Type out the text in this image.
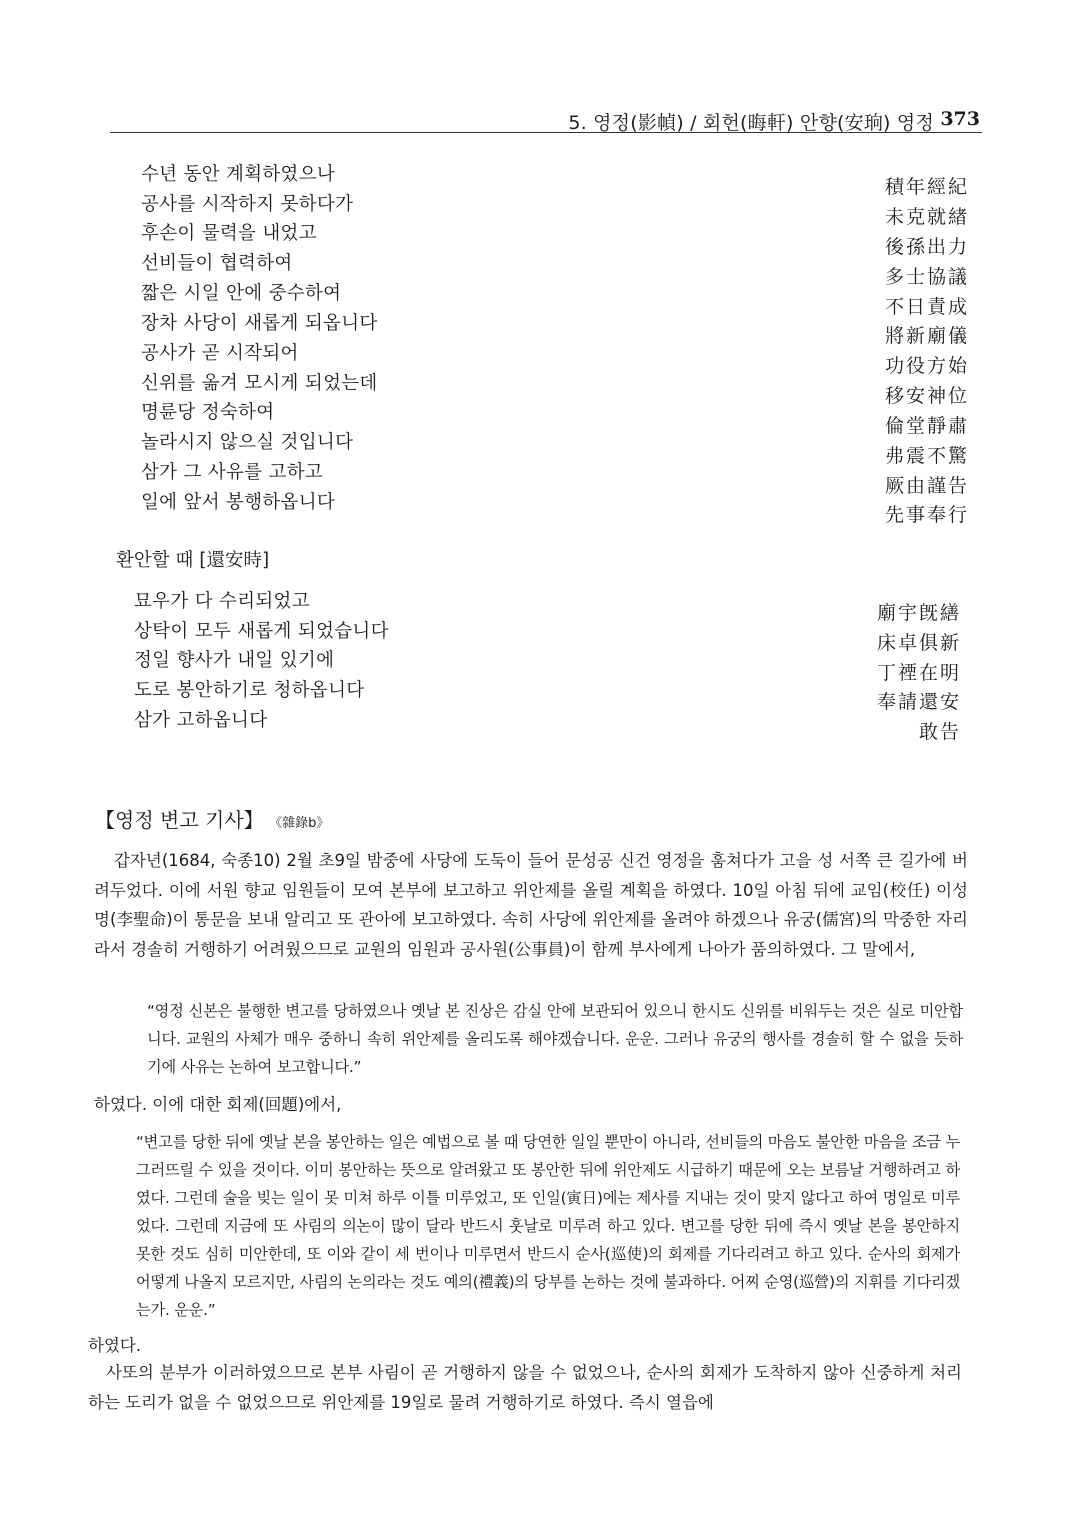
5. 영정(影幀) / 회헌(晦軒) 안향(安珦) 영정 373
수년 동안 계획하였으나
공사를 시작하지 못하다가
후손이 물력을 내었고
선비들이 협력하여
짧은 시일 안에 중수하여
장차 사당이 새롭게 되옵니다
공사가 곧 시작되어
신위를 옮겨 모시게 되었는데
명륜당 정숙하여
놀라시지 않으실 것입니다
삼가 그 사유를 고하고
일에 앞서 봉행하옵니다
積年經紀
未克就緖
後孫出力
多士協議
不日責成
將新廟儀
功役方始
移安神位
倫堂靜肅
弗震不驚
厥由謹告
先事奉行
환안할 때 [還安時]
묘우가 다 수리되었고
상탁이 모두 새롭게 되었습니다
정일 향사가 내일 있기에
도로 봉안하기로 청하옵니다
삼가 고하옵니다
廟宇旣繕
床卓俱新
丁禋在明
奉請還安
敢告
【영정 변고 기사】 《雜錄b》
갑자년(1684, 숙종10) 2월 초9일 밤중에 사당에 도둑이 들어 문성공 신건 영정을 훔쳐다가 고을 성 서쪽 큰 길가에 버려두었다. 이에 서원 향교 임원들이 모여 본부에 보고하고 위안제를 올릴 계획을 하였다. 10일 아침 뒤에 교임(校任) 이성명(李聖命)이 통문을 보내 알리고 또 관아에 보고하였다. 속히 사당에 위안제를 올려야 하겠으나 유궁(儒宮)의 막중한 자리라서 경솔히 거행하기 어려웠으므로 교원의 임원과 공사원(公事員)이 함께 부사에게 나아가 품의하였다. 그 말에서,
“영정 신본은 불행한 변고를 당하였으나 옛날 본 진상은 감실 안에 보관되어 있으니 한시도 신위를 비워두는 것은 실로 미안합니다. 교원의 사체가 매우 중하니 속히 위안제를 올리도록 해야겠습니다. 운운. 그러나 유궁의 행사를 경솔히 할 수 없을 듯하기에 사유는 논하여 보고합니다.”
하였다. 이에 대한 회제(回題)에서,
“변고를 당한 뒤에 옛날 본을 봉안하는 일은 예법으로 볼 때 당연한 일일 뿐만이 아니라, 선비들의 마음도 불안한 마음을 조금 누그러뜨릴 수 있을 것이다. 이미 봉안하는 뜻으로 알려왔고 또 봉안한 뒤에 위안제도 시급하기 때문에 오는 보름날 거행하려고 하였다. 그런데 술을 빚는 일이 못 미쳐 하루 이틀 미루었고, 또 인일(寅日)에는 제사를 지내는 것이 맞지 않다고 하여 명일로 미루었다. 그런데 지금에 또 사림의 의논이 많이 달라 반드시 훗날로 미루려 하고 있다. 변고를 당한 뒤에 즉시 옛날 본을 봉안하지 못한 것도 심히 미안한데, 또 이와 같이 세 번이나 미루면서 반드시 순사(巡使)의 회제를 기다리려고 하고 있다. 순사의 회제가 어떻게 나올지 모르지만, 사림의 논의라는 것도 예의(禮義)의 당부를 논하는 것에 불과하다. 어찌 순영(巡營)의 지휘를 기다리겠는가. 운운.”
하였다.
사또의 분부가 이러하였으므로 본부 사림이 곧 거행하지 않을 수 없었으나, 순사의 회제가 도착하지 않아 신중하게 처리하는 도리가 없을 수 없었으므로 위안제를 19일로 물려 거행하기로 하였다. 즉시 열읍에
